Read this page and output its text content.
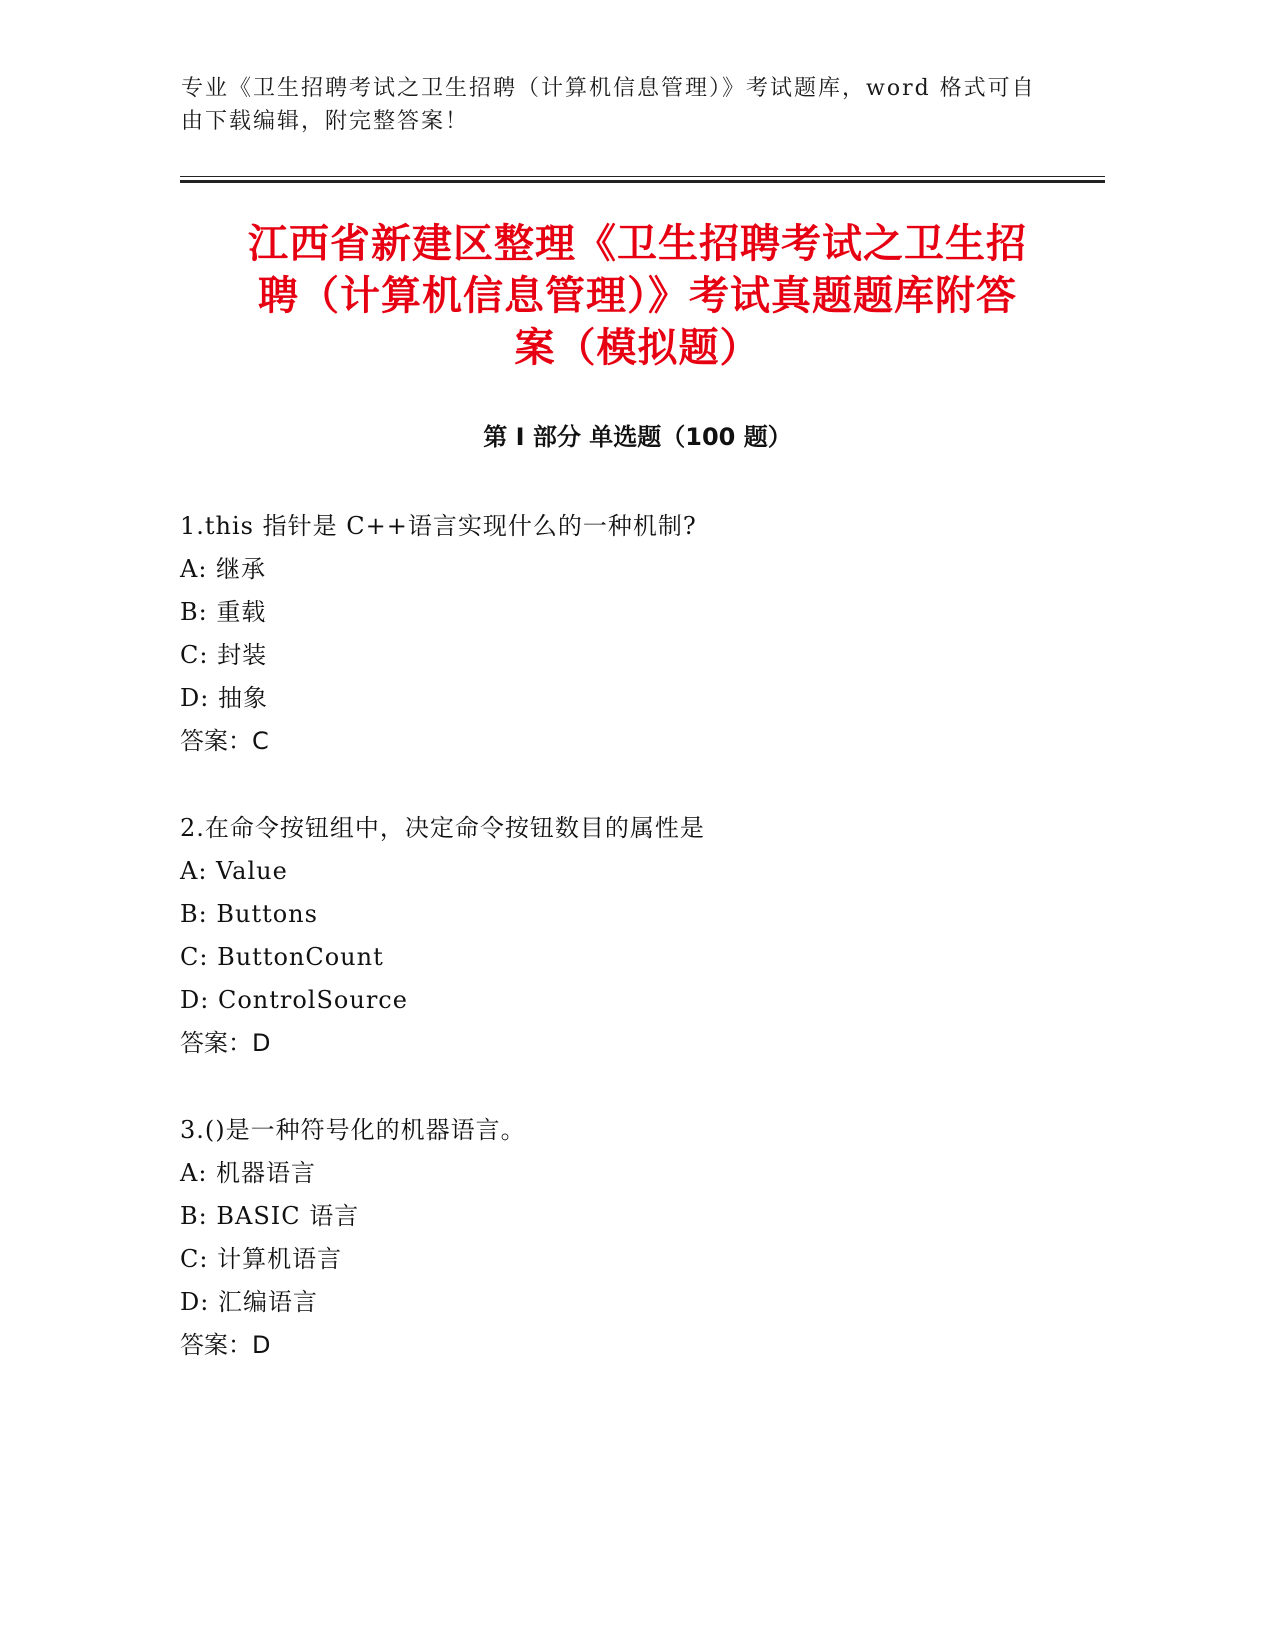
专业《卫生招聘考试之卫生招聘（计算机信息管理）》考试题库，word 格式可自
由下载编辑，附完整答案！
江西省新建区整理《卫生招聘考试之卫生招
聘（计算机信息管理）》考试真题题库附答
案（模拟题）
第 I 部分 单选题（100 题）
1.this 指针是 C++语言实现什么的一种机制?
A: 继承
B: 重载
C: 封装
D: 抽象
答案：C
2.在命令按钮组中，决定命令按钮数目的属性是
A: Value
B: Buttons
C: ButtonCount
D: ControlSource
答案：D
3.()是一种符号化的机器语言。
A: 机器语言
B: BASIC 语言
C: 计算机语言
D: 汇编语言
答案：D
